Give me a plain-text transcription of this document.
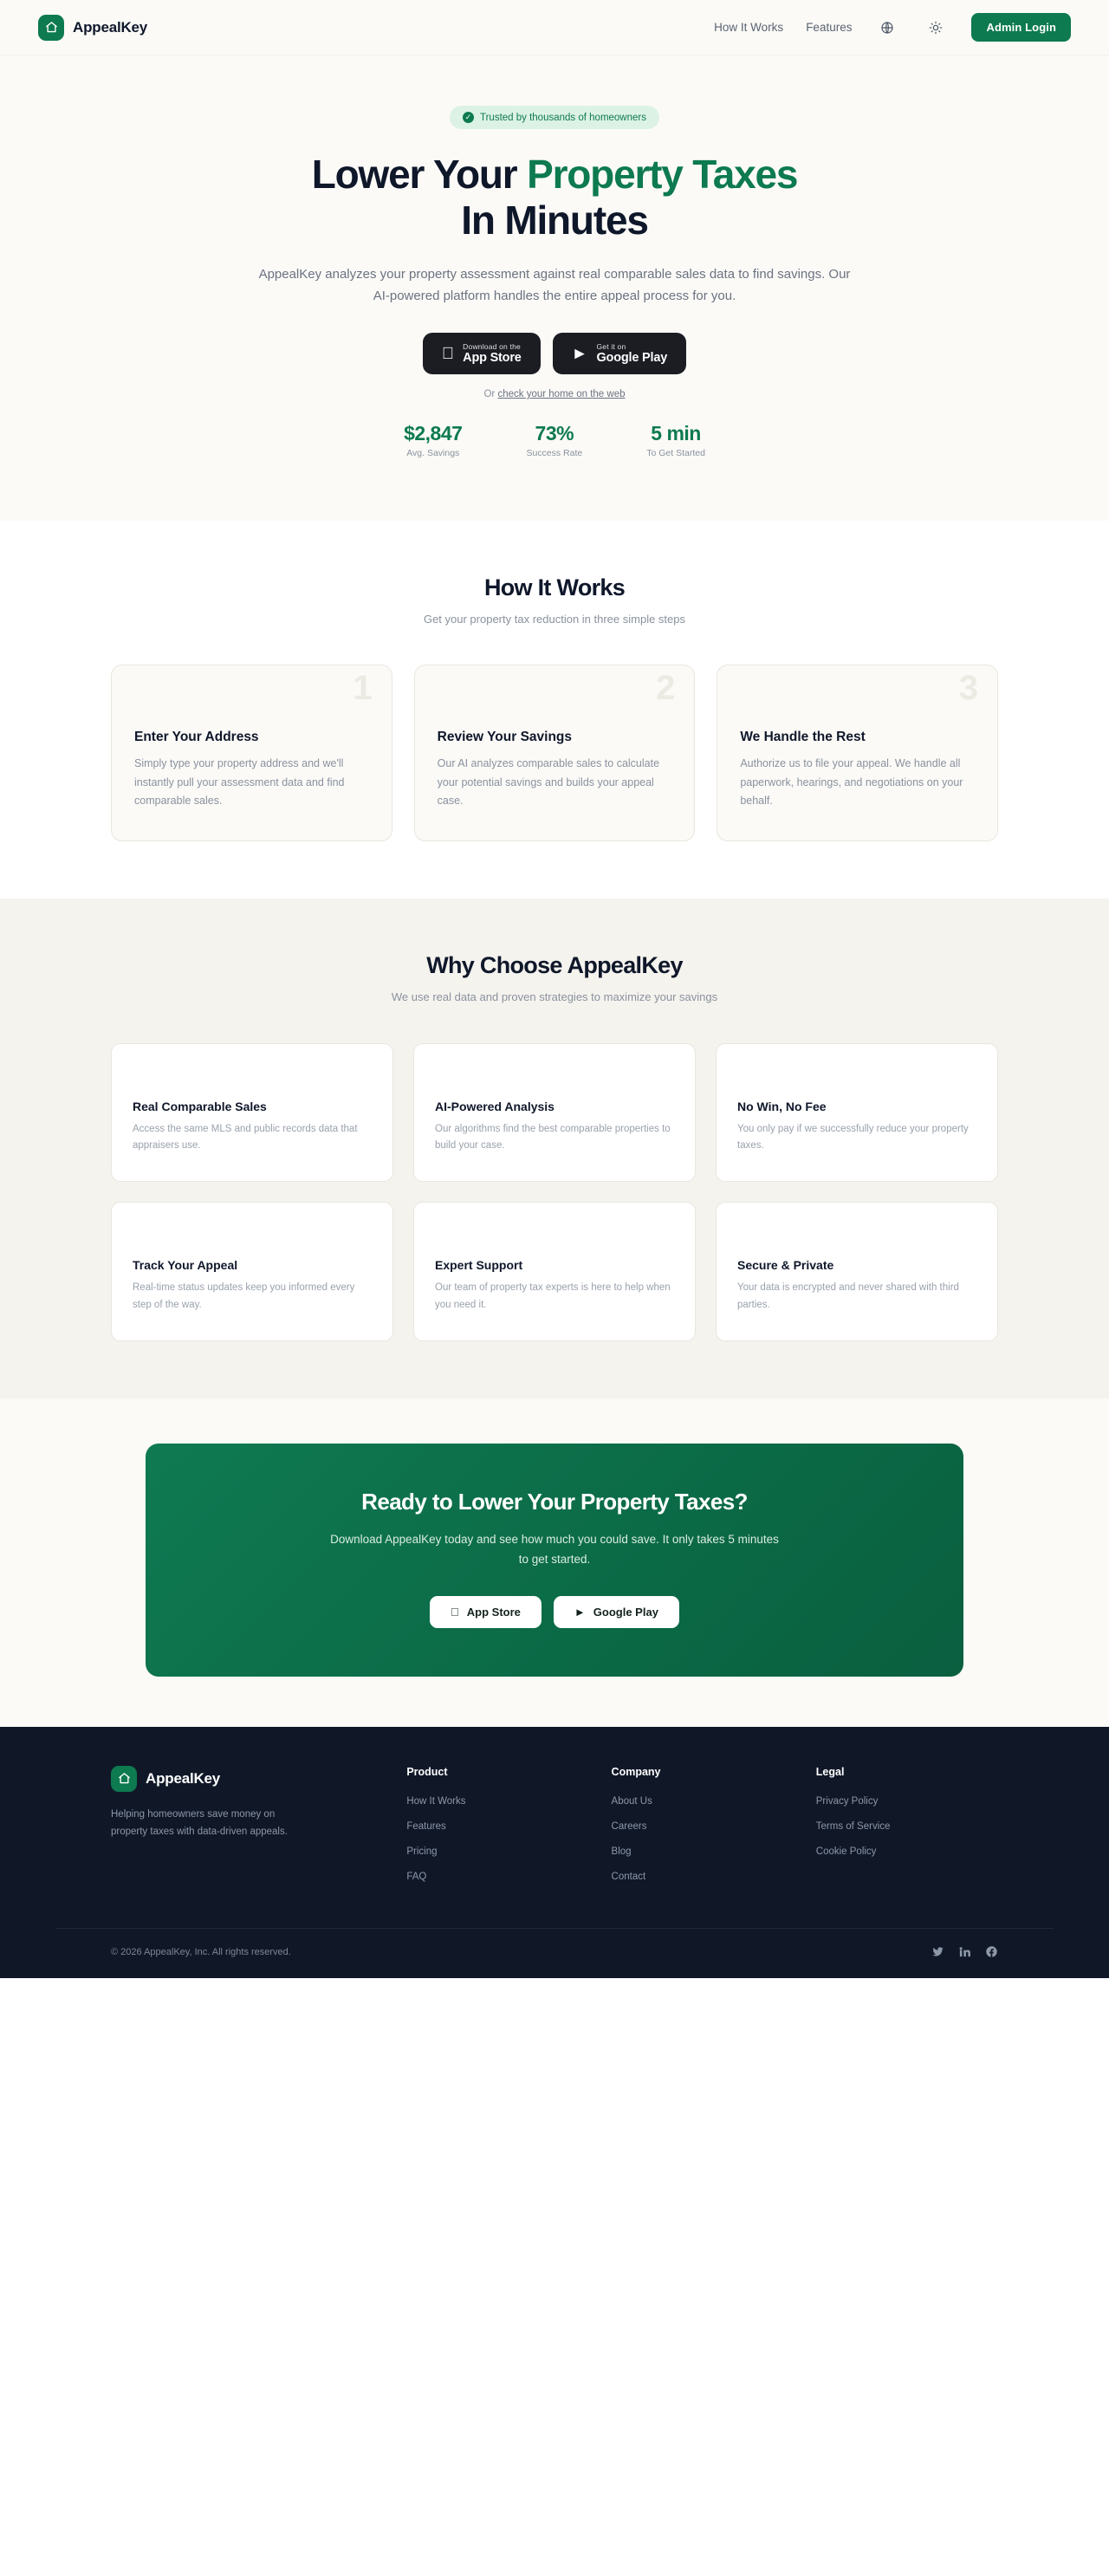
AppealKey	How It Works Features	Admin Login
✓ Trusted by thousands of homeowners
Lower Your Property Taxes
In Minutes

AppealKey analyzes your property assessment against real comparable sales data to find savings. Our AI-powered platform handles the entire appeal process for you.

Download on the
App Store	► Get it on
Google Play
Or check your home on the web
$2,847
Avg. Savings
73%
Success Rate
5 min
To Get Started
How It Works

Get your property tax reduction in three simple steps

1
Enter Your Address

Simply type your property address and we'll instantly pull your assessment data and find comparable sales.

2
Review Your Savings

Our AI analyzes comparable sales to calculate your potential savings and builds your appeal case.

3
We Handle the Rest

Authorize us to file your appeal. We handle all paperwork, hearings, and negotiations on your behalf.

Why Choose AppealKey

We use real data and proven strategies to maximize your savings

Real Comparable Sales

Access the same MLS and public records data that appraisers use.

AI-Powered Analysis

Our algorithms find the best comparable properties to build your case.

No Win, No Fee

You only pay if we successfully reduce your property taxes.

Track Your Appeal

Real-time status updates keep you informed every step of the way.

Expert Support

Our team of property tax experts is here to help when you need it.

Secure & Private

Your data is encrypted and never shared with third parties.

Ready to Lower Your Property Taxes?

Download AppealKey today and see how much you could save. It only takes 5 minutes to get started.

App Store	► Google Play
AppealKey

Helping homeowners save money on property taxes with data-driven appeals.

Product
How It Works
Features
Pricing
FAQ
Company
About Us
Careers
Blog
Contact
Legal
Privacy Policy
Terms of Service
Cookie Policy
© 2026 AppealKey, Inc. All rights reserved.
